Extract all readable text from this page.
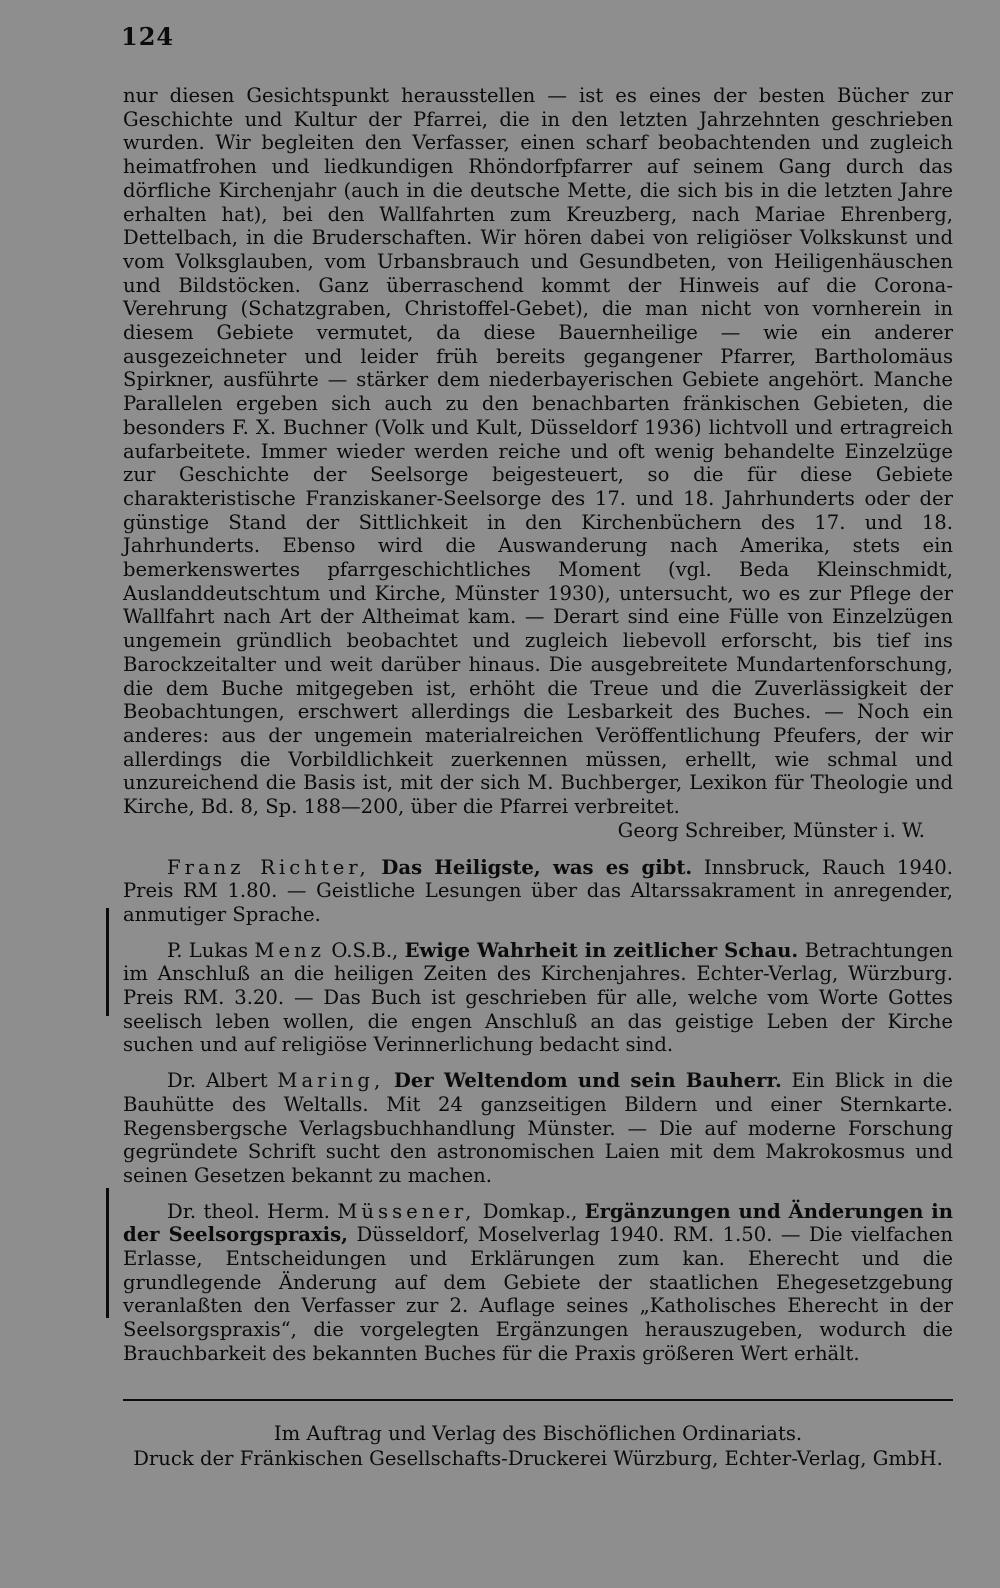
124

nur diesen Gesichtspunkt herausstellen — ist es eines der besten Bücher zur Geschichte und Kultur der Pfarrei, die in den letzten Jahrzehnten geschrieben wurden. Wir begleiten den Verfasser, einen scharf beobachtenden und zugleich heimatfrohen und liedkundigen Rhöndorfpfarrer auf seinem Gang durch das dörfliche Kirchenjahr (auch in die deutsche Mette, die sich bis in die letzten Jahre erhalten hat), bei den Wallfahrten zum Kreuzberg, nach Mariae Ehrenberg, Dettelbach, in die Bruderschaften. Wir hören dabei von religiöser Volkskunst und vom Volksglauben, vom Urbansbrauch und Gesundbeten, von Heiligenhäuschen und Bildstöcken. Ganz überraschend kommt der Hinweis auf die Corona-Verehrung (Schatzgraben, Christoffel-Gebet), die man nicht von vornherein in diesem Gebiete vermutet, da diese Bauernheilige — wie ein anderer ausgezeichneter und leider früh bereits gegangener Pfarrer, Bartholomäus Spirkner, ausführte — stärker dem niederbayerischen Gebiete angehört. Manche Parallelen ergeben sich auch zu den benachbarten fränkischen Gebieten, die besonders F. X. Buchner (Volk und Kult, Düsseldorf 1936) lichtvoll und ertragreich aufarbeitete. Immer wieder werden reiche und oft wenig behandelte Einzelzüge zur Geschichte der Seelsorge beigesteuert, so die für diese Gebiete charakteristische Franziskaner-Seelsorge des 17. und 18. Jahrhunderts oder der günstige Stand der Sittlichkeit in den Kirchenbüchern des 17. und 18. Jahrhunderts. Ebenso wird die Auswanderung nach Amerika, stets ein bemerkenswertes pfarrgeschichtliches Moment (vgl. Beda Kleinschmidt, Auslanddeutschtum und Kirche, Münster 1930), untersucht, wo es zur Pflege der Wallfahrt nach Art der Altheimat kam. — Derart sind eine Fülle von Einzelzügen ungemein gründlich beobachtet und zugleich liebevoll erforscht, bis tief ins Barockzeitalter und weit darüber hinaus. Die ausgebreitete Mundartenforschung, die dem Buche mitgegeben ist, erhöht die Treue und die Zuverlässigkeit der Beobachtungen, erschwert allerdings die Lesbarkeit des Buches. — Noch ein anderes: aus der ungemein materialreichen Veröffentlichung Pfeufers, der wir allerdings die Vorbildlichkeit zuerkennen müssen, erhellt, wie schmal und unzureichend die Basis ist, mit der sich M. Buchberger, Lexikon für Theologie und Kirche, Bd. 8, Sp. 188—200, über die Pfarrei verbreitet.

Georg Schreiber, Münster i. W.

Franz Richter, Das Heiligste, was es gibt. Innsbruck, Rauch 1940. Preis RM 1.80. — Geistliche Lesungen über das Altarssakrament in anregender, anmutiger Sprache.

P. Lukas Menz O.S.B., Ewige Wahrheit in zeitlicher Schau. Betrachtungen im Anschluß an die heiligen Zeiten des Kirchenjahres. Echter-Verlag, Würzburg. Preis RM. 3.20. — Das Buch ist geschrieben für alle, welche vom Worte Gottes seelisch leben wollen, die engen Anschluß an das geistige Leben der Kirche suchen und auf religiöse Verinnerlichung bedacht sind.

Dr. Albert Maring, Der Weltendom und sein Bauherr. Ein Blick in die Bauhütte des Weltalls. Mit 24 ganzseitigen Bildern und einer Sternkarte. Regensbergsche Verlagsbuchhandlung Münster. — Die auf moderne Forschung gegründete Schrift sucht den astronomischen Laien mit dem Makrokosmus und seinen Gesetzen bekannt zu machen.

Dr. theol. Herm. Müssener, Domkap., Ergänzungen und Änderungen in der Seelsorgspraxis, Düsseldorf, Moselverlag 1940. RM. 1.50. — Die vielfachen Erlasse, Entscheidungen und Erklärungen zum kan. Eherecht und die grundlegende Änderung auf dem Gebiete der staatlichen Ehegesetzgebung veranlaßten den Verfasser zur 2. Auflage seines „Katholisches Eherecht in der Seelsorgspraxis“, die vorgelegten Ergänzungen herauszugeben, wodurch die Brauchbarkeit des bekannten Buches für die Praxis größeren Wert erhält.

Im Auftrag und Verlag des Bischöflichen Ordinariats.

Druck der Fränkischen Gesellschafts-Druckerei Würzburg, Echter-Verlag, GmbH.
